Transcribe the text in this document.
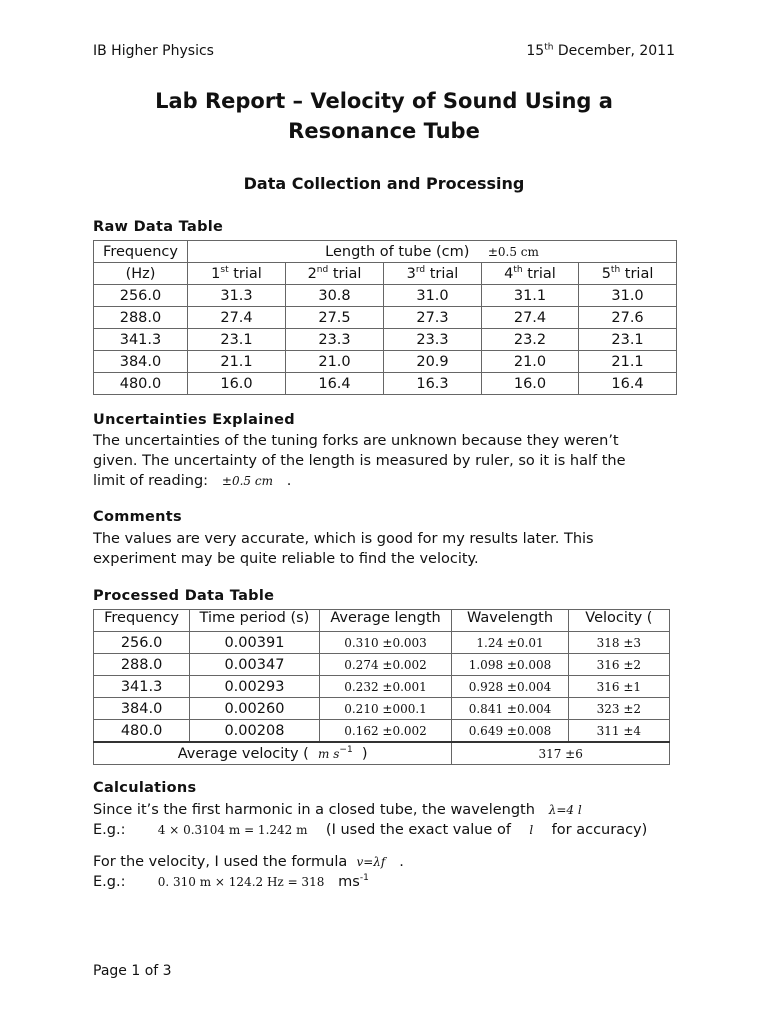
IB Higher Physics	15th December, 2011
Lab Report – Velocity of Sound Using a
Resonance Tube
Data Collection and Processing
Raw Data Table
Frequency	Length of tube (cm) ±0.5 cm				
(Hz)	1st trial	2nd trial	3rd trial	4th trial	5th trial
256.0	31.3	30.8	31.0	31.1	31.0
288.0	27.4	27.5	27.3	27.4	27.6
341.3	23.1	23.3	23.3	23.2	23.1
384.0	21.1	21.0	20.9	21.0	21.1
480.0	16.0	16.4	16.3	16.0	16.4
Uncertainties Explained
The uncertainties of the tuning forks are unknown because they weren’t
given. The uncertainty of the length is measured by ruler, so it is half the
limit of reading: ±0.5 cm .
Comments
The values are very accurate, which is good for my results later. This
experiment may be quite reliable to find the velocity.
Processed Data Table
Frequency	Time period (s)	Average length	Wavelength	Velocity (
256.0	0.00391	0.310 ±0.003	1.24 ±0.01	318 ±3
288.0	0.00347	0.274 ±0.002	1.098 ±0.008	316 ±2
341.3	0.00293	0.232 ±0.001	0.928 ±0.004	316 ±1
384.0	0.00260	0.210 ±000.1	0.841 ±0.004	323 ±2
480.0	0.00208	0.162 ±0.002	0.649 ±0.008	311 ±4
Average velocity ( m $s^{-1}$ )			317 ±6	
Calculations
Since it’s the first harmonic in a closed tube, the wavelength λ=4 l
E.g.:	4 × 0.3104 m = 1.242 m (I used the exact value of l for accuracy)
For the velocity, I used the formula v=λf .
E.g.:	0. 310 m × 124.2 Hz = 318 $ms^{-1}$
Page 1 of 3
